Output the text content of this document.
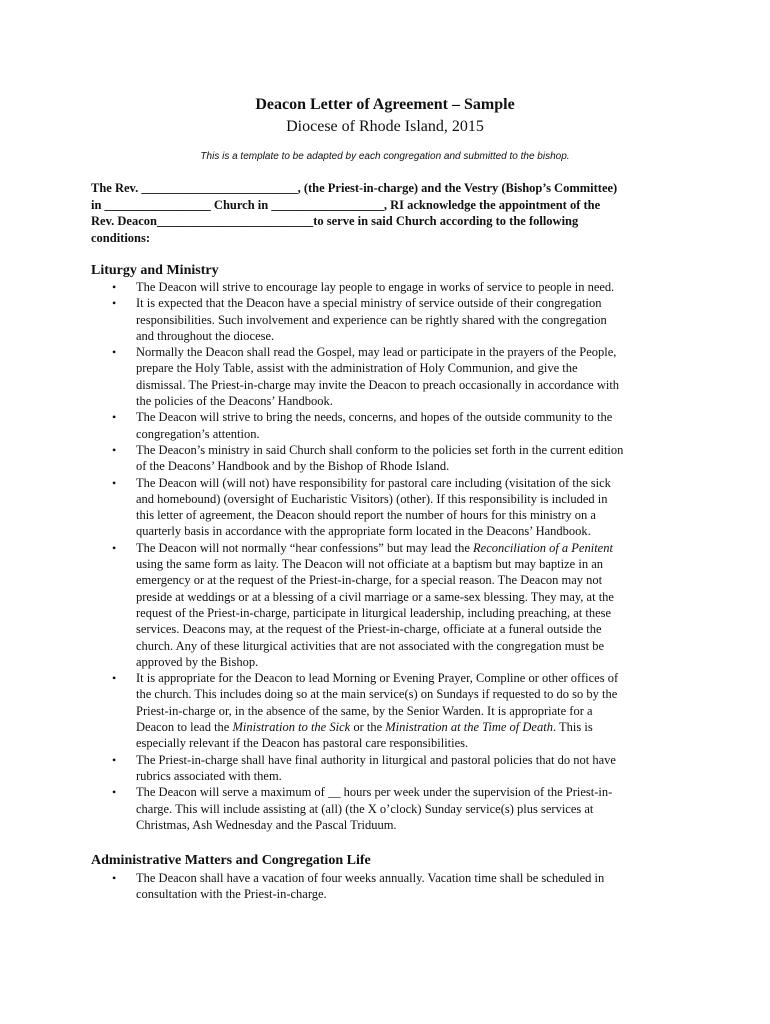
Deacon Letter of Agreement – Sample
Diocese of Rhode Island, 2015
This is a template to be adapted by each congregation and submitted to the bishop.
The Rev. _________________________, (the Priest-in-charge) and the Vestry (Bishop’s Committee)
in _________________ Church in __________________, RI acknowledge the appointment of the
Rev. Deacon_________________________to serve in said Church according to the following
conditions:
Liturgy and Ministry
• The Deacon will strive to encourage lay people to engage in works of service to people in need.
• It is expected that the Deacon have a special ministry of service outside of their congregation
responsibilities. Such involvement and experience can be rightly shared with the congregation
and throughout the diocese.
• Normally the Deacon shall read the Gospel, may lead or participate in the prayers of the People,
prepare the Holy Table, assist with the administration of Holy Communion, and give the
dismissal. The Priest-in-charge may invite the Deacon to preach occasionally in accordance with
the policies of the Deacons’ Handbook.
• The Deacon will strive to bring the needs, concerns, and hopes of the outside community to the
congregation’s attention.
• The Deacon’s ministry in said Church shall conform to the policies set forth in the current edition
of the Deacons’ Handbook and by the Bishop of Rhode Island.
• The Deacon will (will not) have responsibility for pastoral care including (visitation of the sick
and homebound) (oversight of Eucharistic Visitors) (other). If this responsibility is included in
this letter of agreement, the Deacon should report the number of hours for this ministry on a
quarterly basis in accordance with the appropriate form located in the Deacons’ Handbook.
• The Deacon will not normally “hear confessions” but may lead the Reconciliation of a Penitent
using the same form as laity. The Deacon will not officiate at a baptism but may baptize in an
emergency or at the request of the Priest-in-charge, for a special reason. The Deacon may not
preside at weddings or at a blessing of a civil marriage or a same-sex blessing. They may, at the
request of the Priest-in-charge, participate in liturgical leadership, including preaching, at these
services. Deacons may, at the request of the Priest-in-charge, officiate at a funeral outside the
church. Any of these liturgical activities that are not associated with the congregation must be
approved by the Bishop.
• It is appropriate for the Deacon to lead Morning or Evening Prayer, Compline or other offices of
the church. This includes doing so at the main service(s) on Sundays if requested to do so by the
Priest-in-charge or, in the absence of the same, by the Senior Warden. It is appropriate for a
Deacon to lead the Ministration to the Sick or the Ministration at the Time of Death. This is
especially relevant if the Deacon has pastoral care responsibilities.
• The Priest-in-charge shall have final authority in liturgical and pastoral policies that do not have
rubrics associated with them.
• The Deacon will serve a maximum of __ hours per week under the supervision of the Priest-in-
charge. This will include assisting at (all) (the X o’clock) Sunday service(s) plus services at
Christmas, Ash Wednesday and the Pascal Triduum.
Administrative Matters and Congregation Life
• The Deacon shall have a vacation of four weeks annually. Vacation time shall be scheduled in
consultation with the Priest-in-charge.
